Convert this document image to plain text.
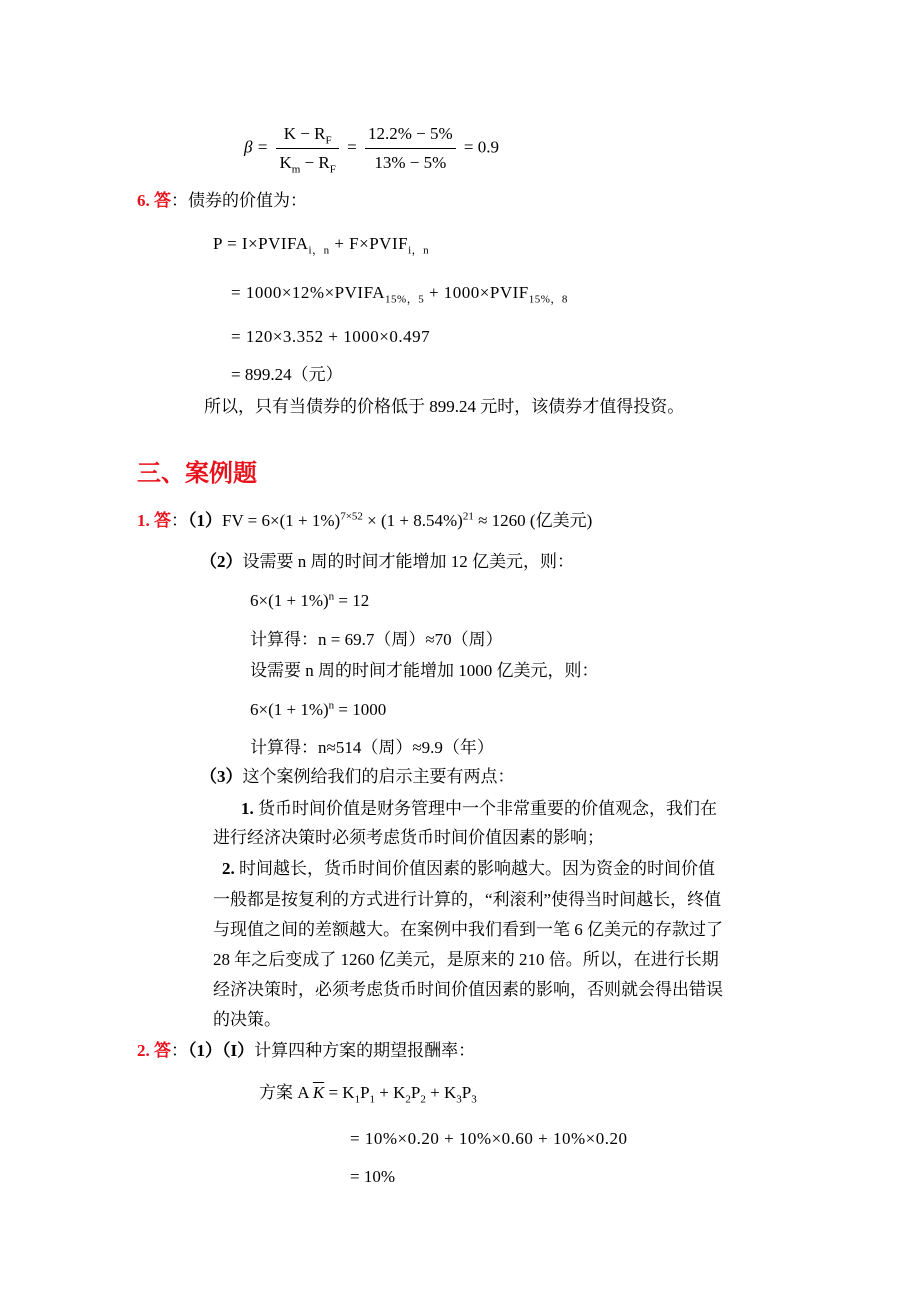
$\beta = \frac{K - R_F}{K_m - R_F} = \frac{12.2\% - 5\%}{13\% - 5\%} = 0.9$
6. 答：债券的价值为：
$P = I\times PVIFA_{i,n}$ + $F\times PVIF_{i,n}$
= $1000\times 12\%\times PVIFA_{15\%,5}$ + $1000\times PVIF_{15\%,8}$
= 120×3.352 + 1000×0.497
= 899.24（元）
所以，只有当债券的价格低于 899.24 元时，该债券才值得投资。
三、案例题
1. 答：$(1)FV = 6\times(1 + 1\%)^{7\times 52} \times (1 + 8.54\%)^{21} \approx 1260$ (亿美元)
（2）设需要 n 周的时间才能增加 12 亿美元，则：
$6\times(1 + 1\%)^n = 12$
计算得：n = 69.7（周）≈70（周）
设需要 n 周的时间才能增加 1000 亿美元，则：
$6\times(1 + 1\%)^n = 1000$
计算得：n≈514（周）≈9.9（年）
（3）这个案例给我们的启示主要有两点：
1. 货币时间价值是财务管理中一个非常重要的价值观念，我们在
进行经济决策时必须考虑货币时间价值因素的影响；
2. 时间越长，货币时间价值因素的影响越大。因为资金的时间价值
一般都是按复利的方式进行计算的，“利滚利”使得当时间越长，终值
与现值之间的差额越大。在案例中我们看到一笔 6 亿美元的存款过了
28 年之后变成了 1260 亿美元，是原来的 210 倍。所以，在进行长期
经济决策时，必须考虑货币时间价值因素的影响，否则就会得出错误
的决策。
2. 答：（1）（I）计算四种方案的期望报酬率：
方案 A $\overline{K} = K_1P_1 + K_2P_2 + K_3P_3$
= 10%×0.20 + 10%×0.60 + 10%×0.20
= 10%
